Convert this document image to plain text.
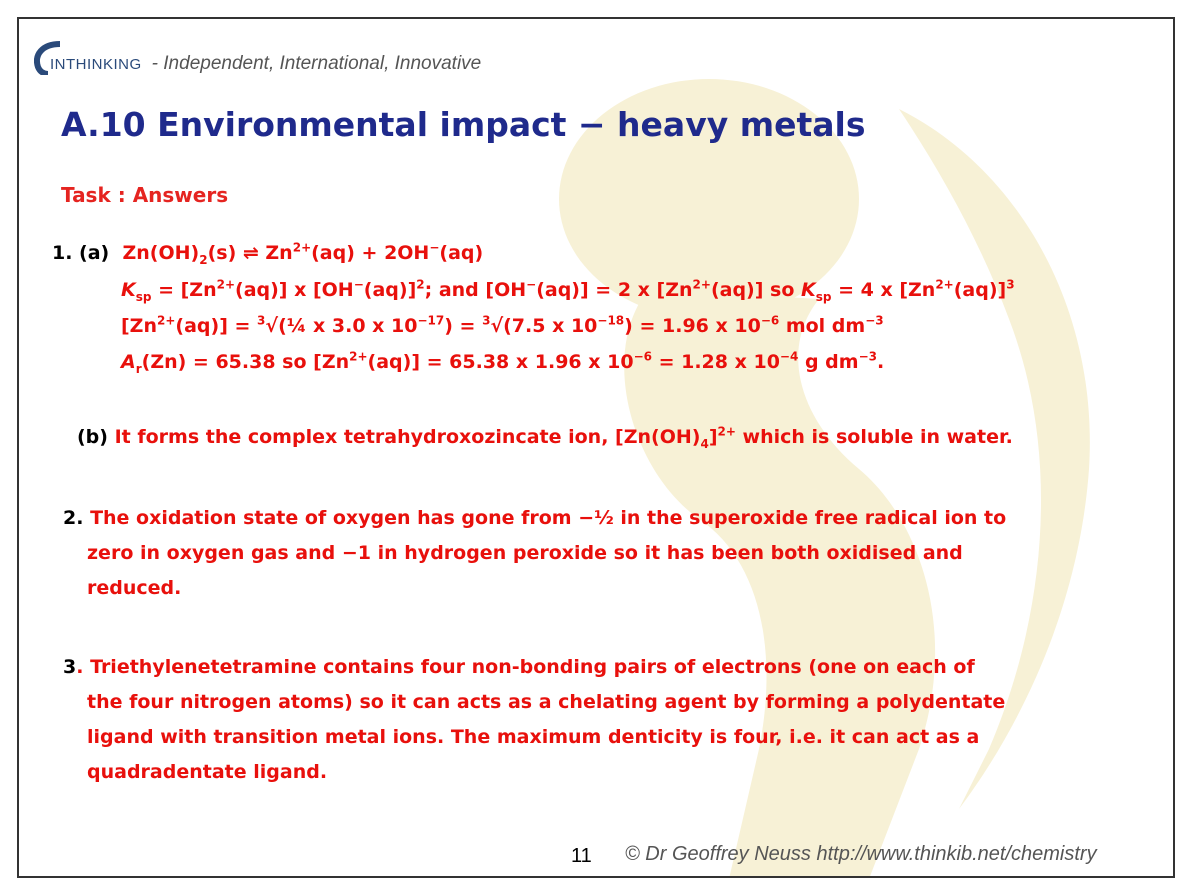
INTHINKING - Independent, International, Innovative
A.10 Environmental impact − heavy metals
Task : Answers
1. (a) $Zn(OH)_2(s)$ ⇌ $Zn^{2+}(aq) + 2OH^-(aq)$
$K_{sp} = [Zn^{2+}(aq)]$ x $[OH^-(aq)]^2$; and [OH−(aq)] = 2 x $[Zn^{2+}(aq)]$ so $K_{sp} = 4$ x $[Zn^{2+}(aq)]^3$
$[Zn^{2+}(aq)]$ = $^3$√(¼ x 3.0 x $10^{-17}) = ^3√(7.5$ x $10^{-18}) = 1.96$ x $10^{-6}$ mol $dm^{-3}$
$A_r(Zn) = 65.38$ so $[Zn^{2+}(aq)] = 65.38$ x 1.96 x $10^{-6} = 1.28$ x $10^{-4}$ g $dm^{-3}$.
(b) It forms the complex tetrahydroxozincate ion, $[Zn(OH)_4]^{2+}$ which is soluble in water.
2. The oxidation state of oxygen has gone from −½ in the superoxide free radical ion to
zero in oxygen gas and −1 in hydrogen peroxide so it has been both oxidised and
reduced.
3. Triethylenetetramine contains four non-bonding pairs of electrons (one on each of
the four nitrogen atoms) so it can acts as a chelating agent by forming a polydentate
ligand with transition metal ions. The maximum denticity is four, i.e. it can act as a
quadradentate ligand.
11 © Dr Geoffrey Neuss http://www.thinkib.net/chemistry
